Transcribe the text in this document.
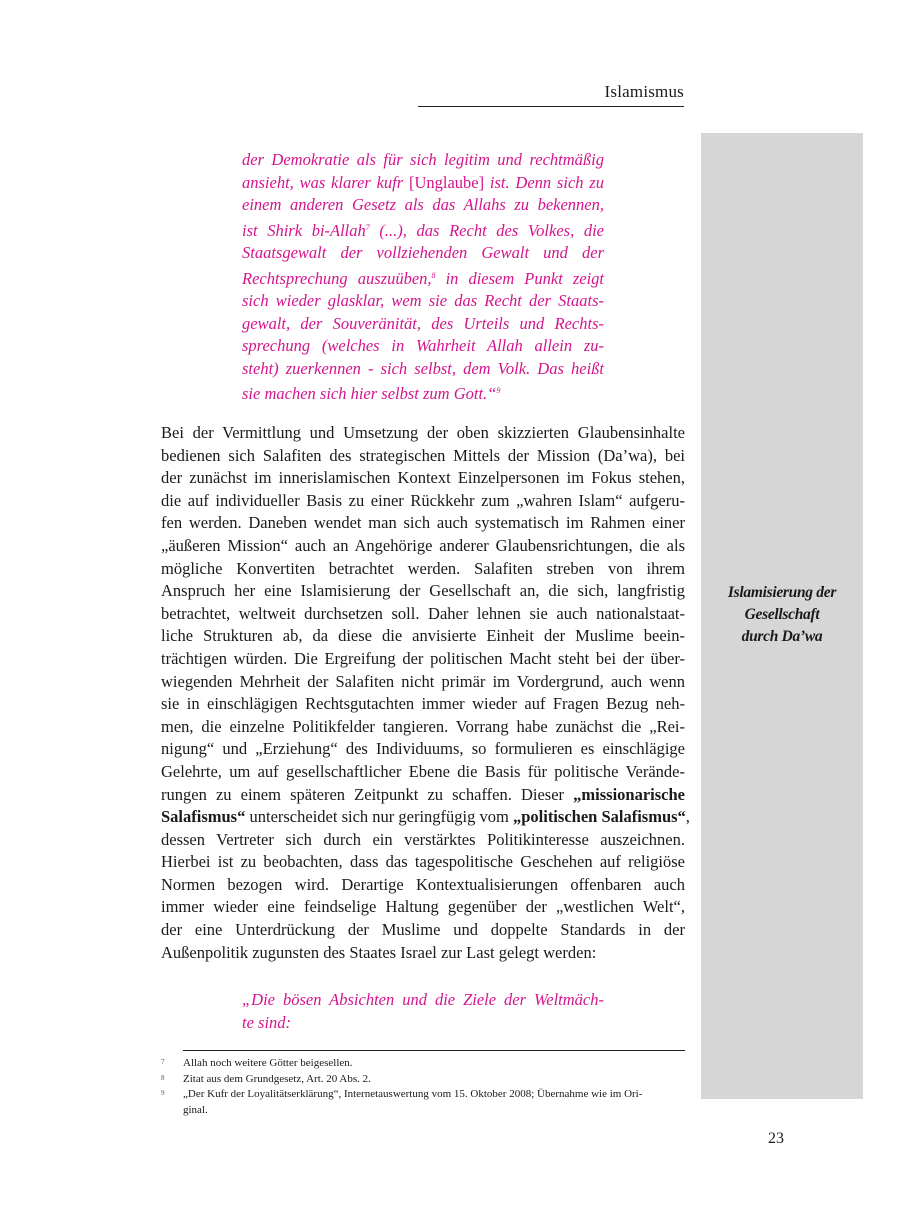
Islamismus
Islamisierung der
Gesellschaft
durch Da’wa
der Demokratie als für sich legitim und rechtmäßig
ansieht, was klarer kufr [Unglaube] ist. Denn sich zu
einem anderen Gesetz als das Allahs zu bekennen,
ist Shirk bi-Allah$^7$ (...), das Recht des Volkes, die
Staatsgewalt der vollziehenden Gewalt und der
Rechtsprechung auszuüben,$^8$ in diesem Punkt zeigt
sich wieder glasklar, wem sie das Recht der Staats-
gewalt, der Souveränität, des Urteils und Rechts-
sprechung (welches in Wahrheit Allah allein zu-
steht) zuerkennen - sich selbst, dem Volk. Das heißt
sie machen sich hier selbst zum Gott.“$^9$
Bei der Vermittlung und Umsetzung der oben skizzierten Glaubensinhalte
bedienen sich Salafiten des strategischen Mittels der Mission (Da’wa), bei
der zunächst im innerislamischen Kontext Einzelpersonen im Fokus stehen,
die auf individueller Basis zu einer Rückkehr zum „wahren Islam“ aufgeru-
fen werden. Daneben wendet man sich auch systematisch im Rahmen einer
„äußeren Mission“ auch an Angehörige anderer Glaubensrichtungen, die als
mögliche Konvertiten betrachtet werden. Salafiten streben von ihrem
Anspruch her eine Islamisierung der Gesellschaft an, die sich, langfristig
betrachtet, weltweit durchsetzen soll. Daher lehnen sie auch nationalstaat-
liche Strukturen ab, da diese die anvisierte Einheit der Muslime beein-
trächtigen würden. Die Ergreifung der politischen Macht steht bei der über-
wiegenden Mehrheit der Salafiten nicht primär im Vordergrund, auch wenn
sie in einschlägigen Rechtsgutachten immer wieder auf Fragen Bezug neh-
men, die einzelne Politikfelder tangieren. Vorrang habe zunächst die „Rei-
nigung“ und „Erziehung“ des Individuums, so formulieren es einschlägige
Gelehrte, um auf gesellschaftlicher Ebene die Basis für politische Verände-
rungen zu einem späteren Zeitpunkt zu schaffen. Dieser „missionarische
Salafismus“ unterscheidet sich nur geringfügig vom „politischen Salafismus“,
dessen Vertreter sich durch ein verstärktes Politikinteresse auszeichnen.
Hierbei ist zu beobachten, dass das tagespolitische Geschehen auf religiöse
Normen bezogen wird. Derartige Kontextualisierungen offenbaren auch
immer wieder eine feindselige Haltung gegenüber der „westlichen Welt“,
der eine Unterdrückung der Muslime und doppelte Standards in der
Außenpolitik zugunsten des Staates Israel zur Last gelegt werden:
„Die bösen Absichten und die Ziele der Weltmäch-
te sind:
7 Allah noch weitere Götter beigesellen.
8 Zitat aus dem Grundgesetz, Art. 20 Abs. 2.
9 „Der Kufr der Loyalitätserklärung“, Internetauswertung vom 15. Oktober 2008; Übernahme wie im Ori-
ginal.
23
